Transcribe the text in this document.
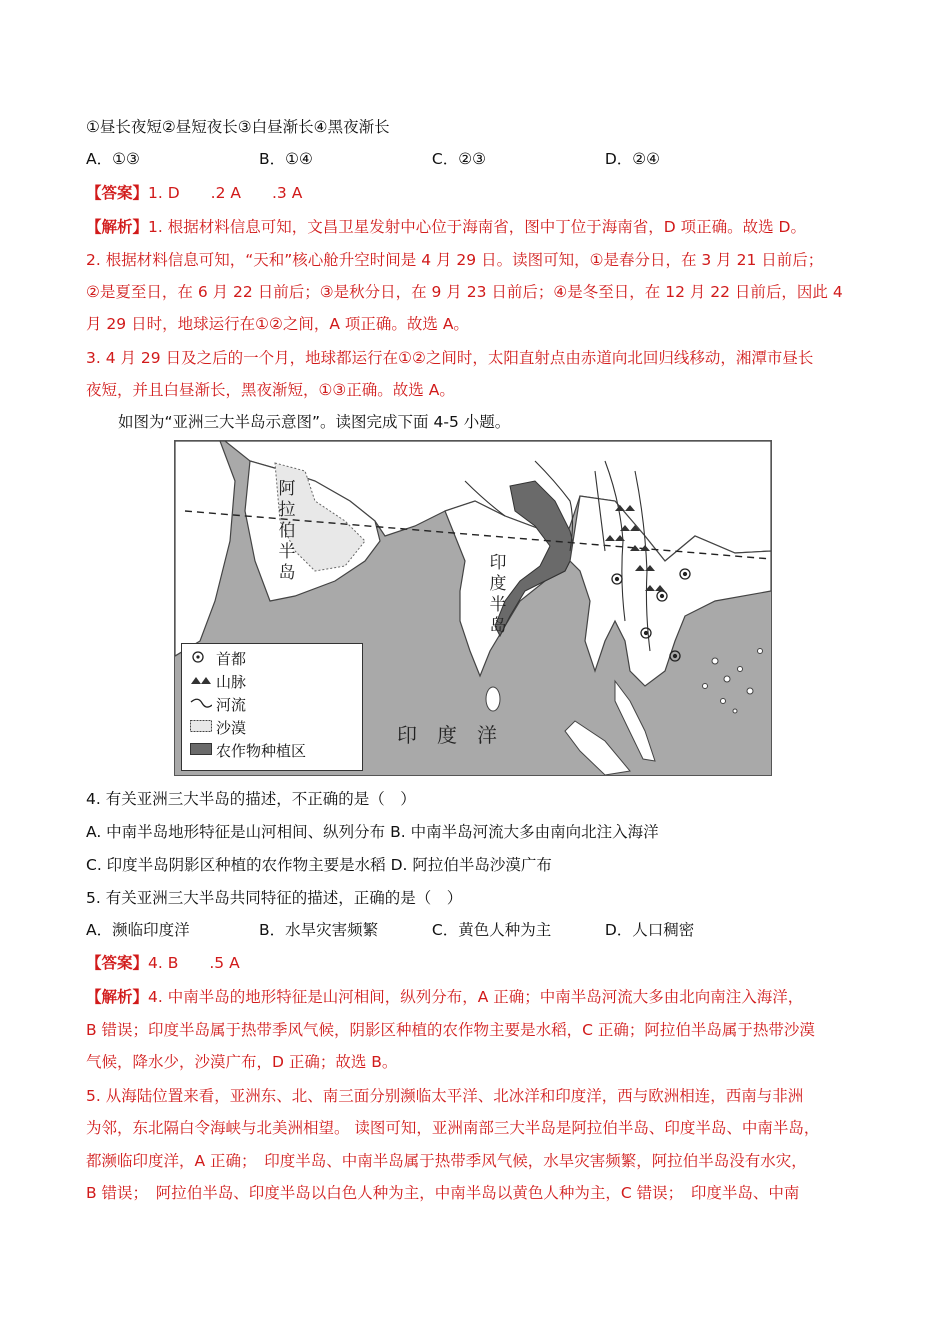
①昼长夜短②昼短夜长③白昼渐长④黑夜渐长
A．①③	B．①④	C．②③	D．②④
【答案】1. D　　.2 A　　.3 A
【解析】1. 根据材料信息可知，文昌卫星发射中心位于海南省，图中丁位于海南省，D 项正确。故选 D。
2. 根据材料信息可知，“天和”核心舱升空时间是 4 月 29 日。读图可知，①是春分日，在 3 月 21 日前后；
②是夏至日，在 6 月 22 日前后；③是秋分日，在 9 月 23 日前后；④是冬至日，在 12 月 22 日前后，因此 4
月 29 日时，地球运行在①②之间，A 项正确。故选 A。
3. 4 月 29 日及之后的一个月，地球都运行在①②之间时，太阳直射点由赤道向北回归线移动，湘潭市昼长
夜短，并且白昼渐长，黑夜渐短，①③正确。故选 A。
如图为“亚洲三大半岛示意图”。读图完成下面 4-5 小题。
阿拉伯半岛	印度半岛
印　度　洋
首都
山脉
河流
沙漠
农作物种植区
4. 有关亚洲三大半岛的描述，不正确的是（　）
A. 中南半岛地形特征是山河相间、纵列分布 B. 中南半岛河流大多由南向北注入海洋
C. 印度半岛阴影区种植的农作物主要是水稻 D. 阿拉伯半岛沙漠广布
5. 有关亚洲三大半岛共同特征的描述，正确的是（　）
A．濒临印度洋	B．水旱灾害频繁	C．黄色人种为主	D．人口稠密
【答案】4. B　　.5 A
【解析】4. 中南半岛的地形特征是山河相间，纵列分布，A 正确；中南半岛河流大多由北向南注入海洋，
B 错误；印度半岛属于热带季风气候，阴影区种植的农作物主要是水稻，C 正确；阿拉伯半岛属于热带沙漠
气候，降水少，沙漠广布，D 正确；故选 B。
5. 从海陆位置来看，亚洲东、北、南三面分别濒临太平洋、北冰洋和印度洋，西与欧洲相连，西南与非洲
为邻，东北隔白令海峡与北美洲相望。 读图可知，亚洲南部三大半岛是阿拉伯半岛、印度半岛、中南半岛，
都濒临印度洋，A 正确；　印度半岛、中南半岛属于热带季风气候，水旱灾害频繁，阿拉伯半岛没有水灾，
B 错误；　阿拉伯半岛、印度半岛以白色人种为主，中南半岛以黄色人种为主，C 错误；　印度半岛、中南
